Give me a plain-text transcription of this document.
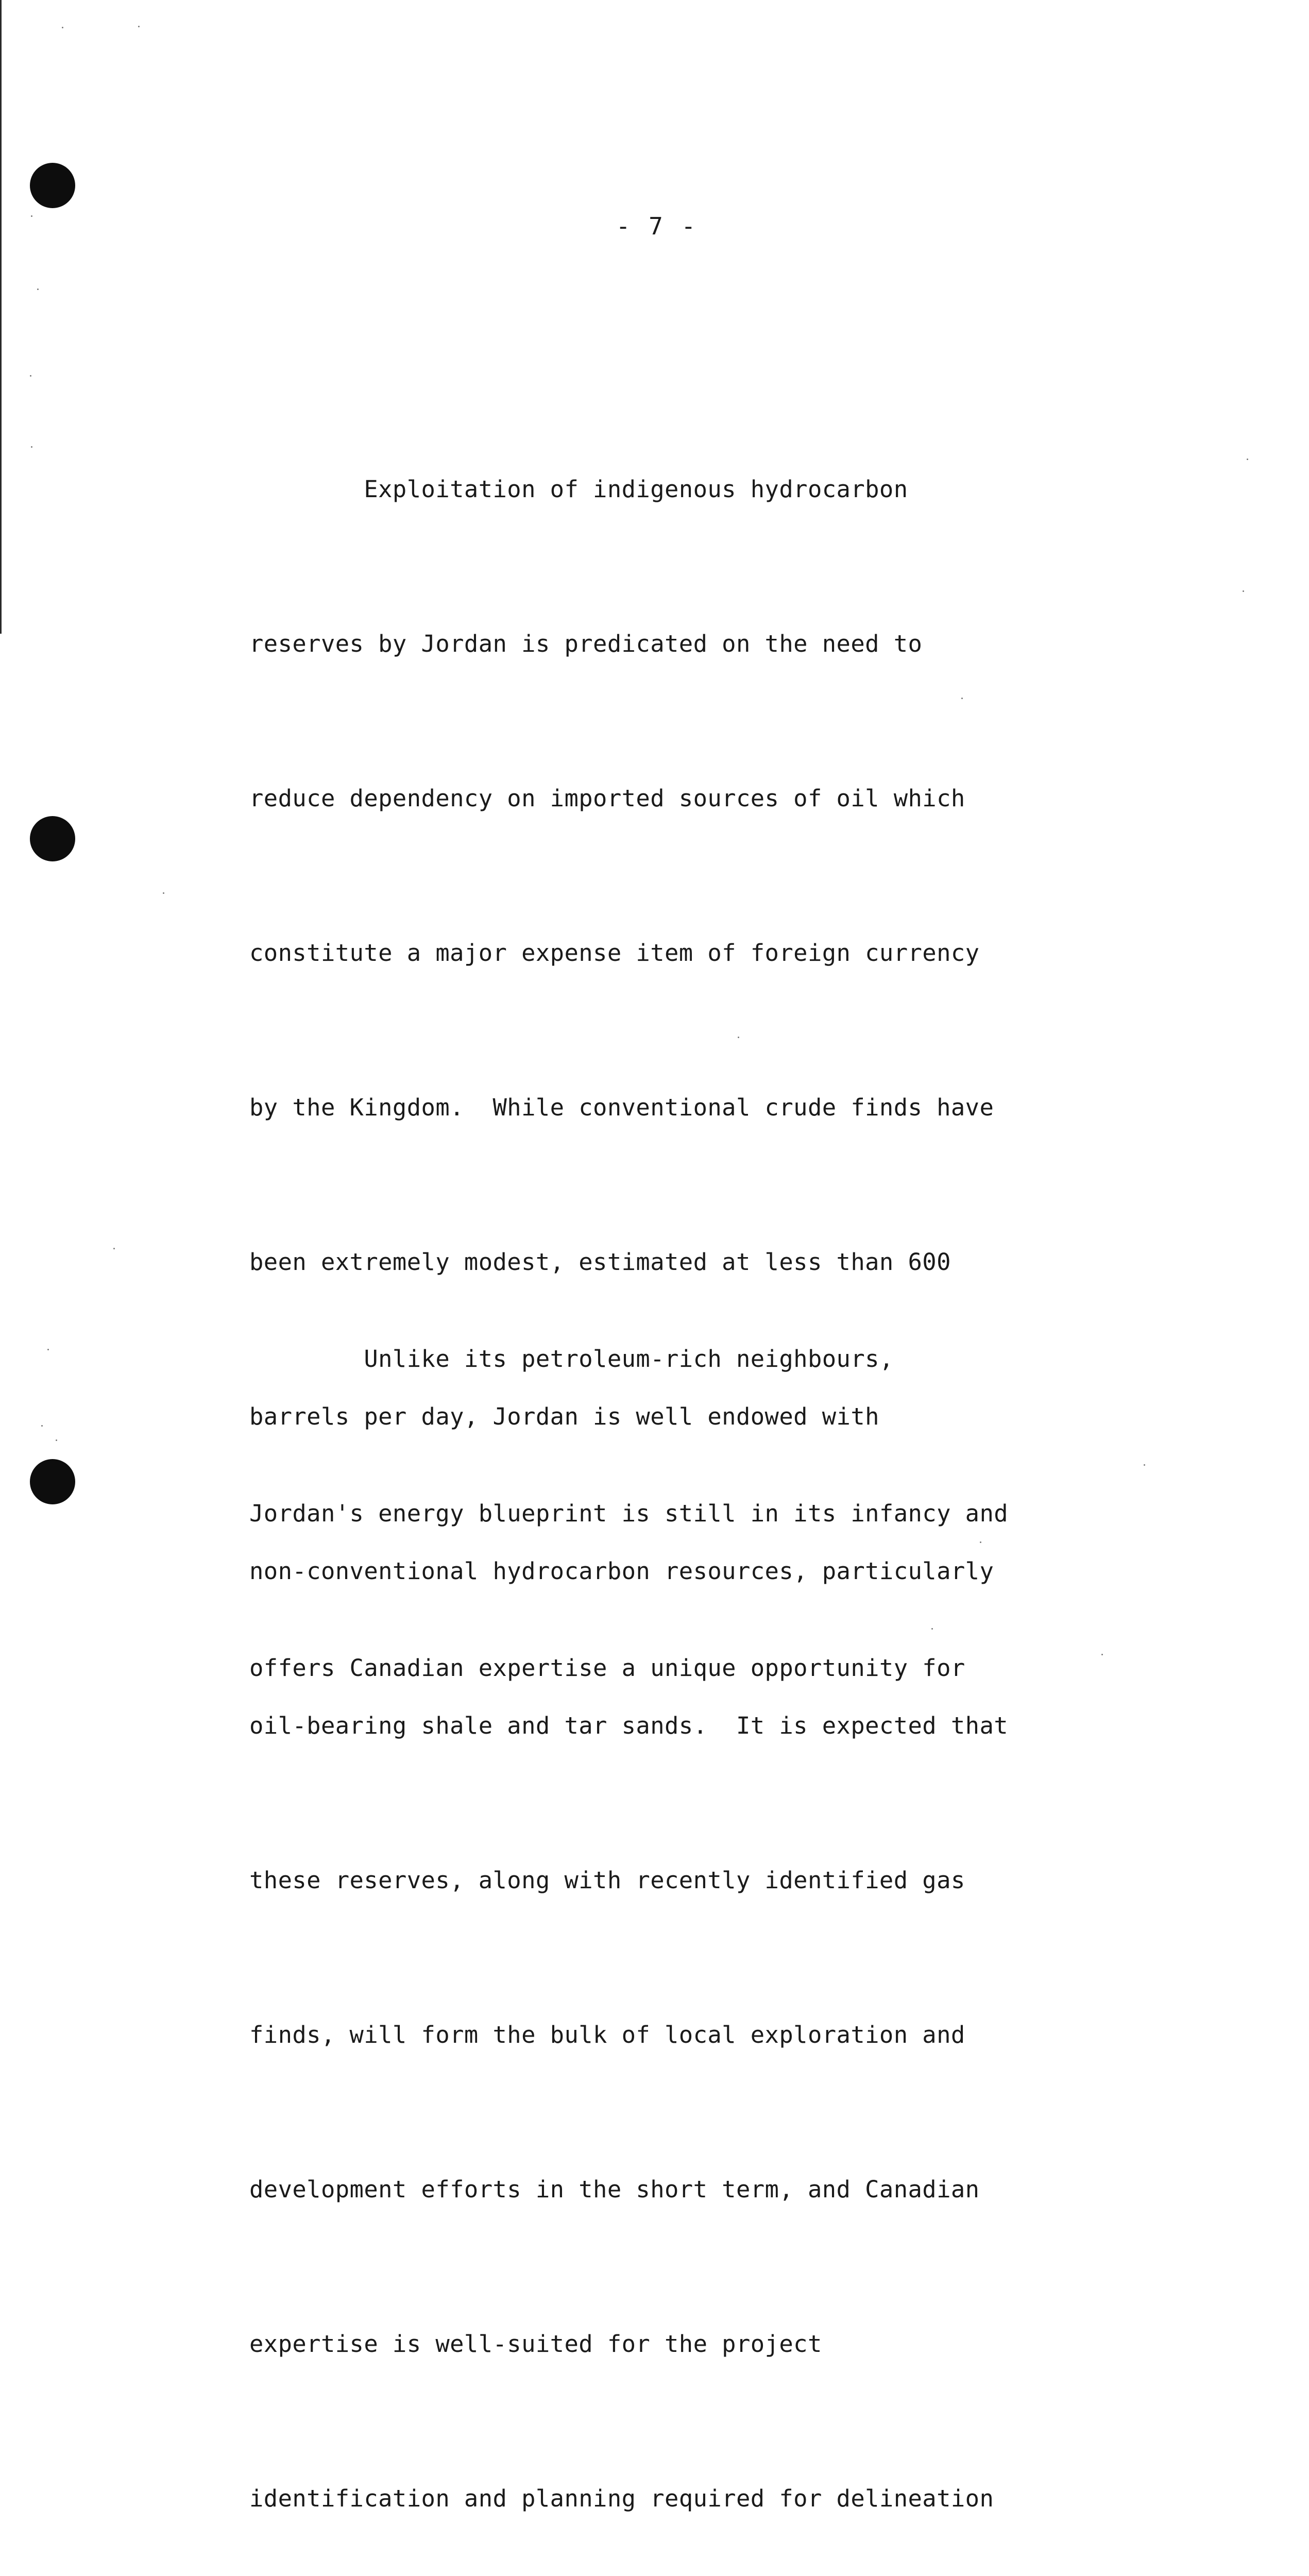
- 7 -

Exploitation of indigenous hydrocarbon

reserves by Jordan is predicated on the need to

reduce dependency on imported sources of oil which

constitute a major expense item of foreign currency

by the Kingdom.  While conventional crude finds have

been extremely modest, estimated at less than 600

barrels per day, Jordan is well endowed with

non-conventional hydrocarbon resources, particularly

oil-bearing shale and tar sands.  It is expected that

these reserves, along with recently identified gas

finds, will form the bulk of local exploration and

development efforts in the short term, and Canadian

expertise is well-suited for the project

identification and planning required for delineation

Unlike its petroleum-rich neighbours,

Jordan's energy blueprint is still in its infancy and

offers Canadian expertise a unique opportunity for
